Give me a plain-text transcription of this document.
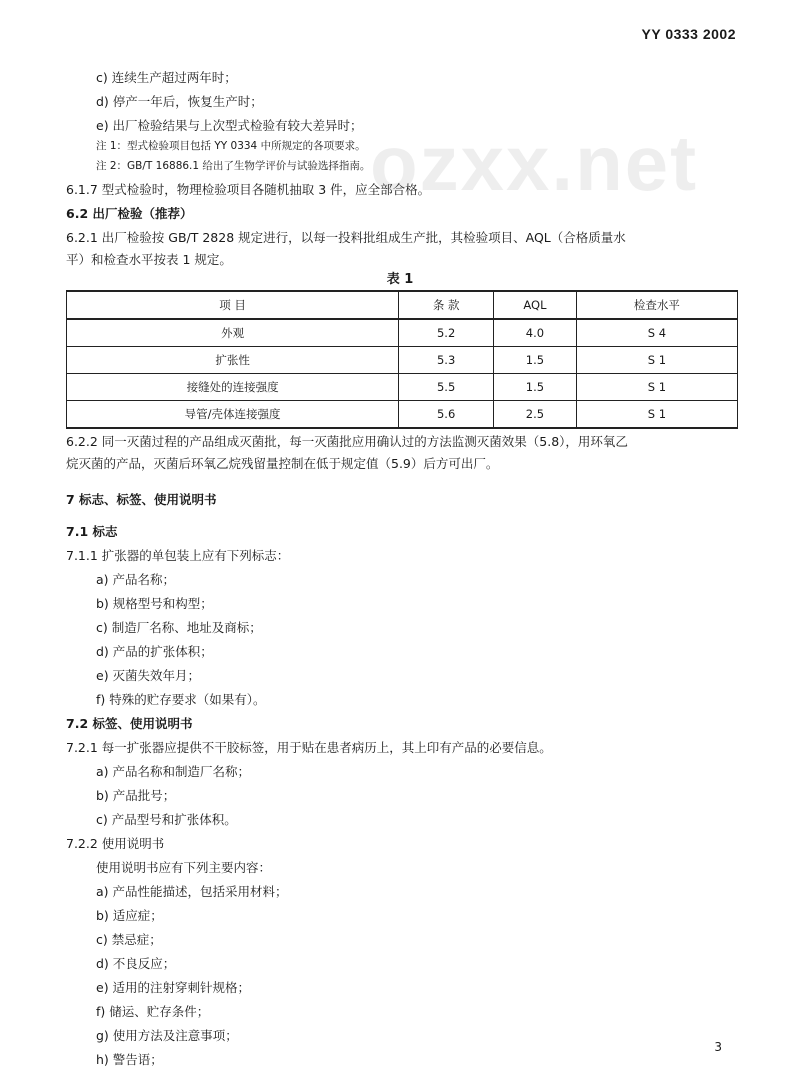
YY 0333 2002
ozxx.net
c) 连续生产超过两年时；
d) 停产一年后，恢复生产时；
e) 出厂检验结果与上次型式检验有较大差异时；
注 1：型式检验项目包括 YY 0334 中所规定的各项要求。
注 2：GB/T 16886.1 给出了生物学评价与试验选择指南。
6.1.7 型式检验时，物理检验项目各随机抽取 3 件，应全部合格。
6.2 出厂检验（推荐）
6.2.1 出厂检验按 GB/T 2828 规定进行，以每一投料批组成生产批，其检验项目、AQL（合格质量水
平）和检查水平按表 1 规定。
表 1
项 目	条 款	AQL	检查水平
外观	5.2	4.0	S 4
扩张性	5.3	1.5	S 1
接缝处的连接强度	5.5	1.5	S 1
导管/壳体连接强度	5.6	2.5	S 1
6.2.2 同一灭菌过程的产品组成灭菌批，每一灭菌批应用确认过的方法监测灭菌效果（5.8），用环氧乙
烷灭菌的产品，灭菌后环氧乙烷残留量控制在低于规定值（5.9）后方可出厂。
7 标志、标签、使用说明书
7.1 标志
7.1.1 扩张器的单包装上应有下列标志：
a) 产品名称；
b) 规格型号和构型；
c) 制造厂名称、地址及商标；
d) 产品的扩张体积；
e) 灭菌失效年月；
f) 特殊的贮存要求（如果有）。
7.2 标签、使用说明书
7.2.1 每一扩张器应提供不干胶标签，用于贴在患者病历上，其上印有产品的必要信息。
a) 产品名称和制造厂名称；
b) 产品批号；
c) 产品型号和扩张体积。
7.2.2 使用说明书
使用说明书应有下列主要内容：
a) 产品性能描述，包括采用材料；
b) 适应症；
c) 禁忌症；
d) 不良反应；
e) 适用的注射穿刺针规格；
f) 储运、贮存条件；
g) 使用方法及注意事项；
h) 警告语；
3
